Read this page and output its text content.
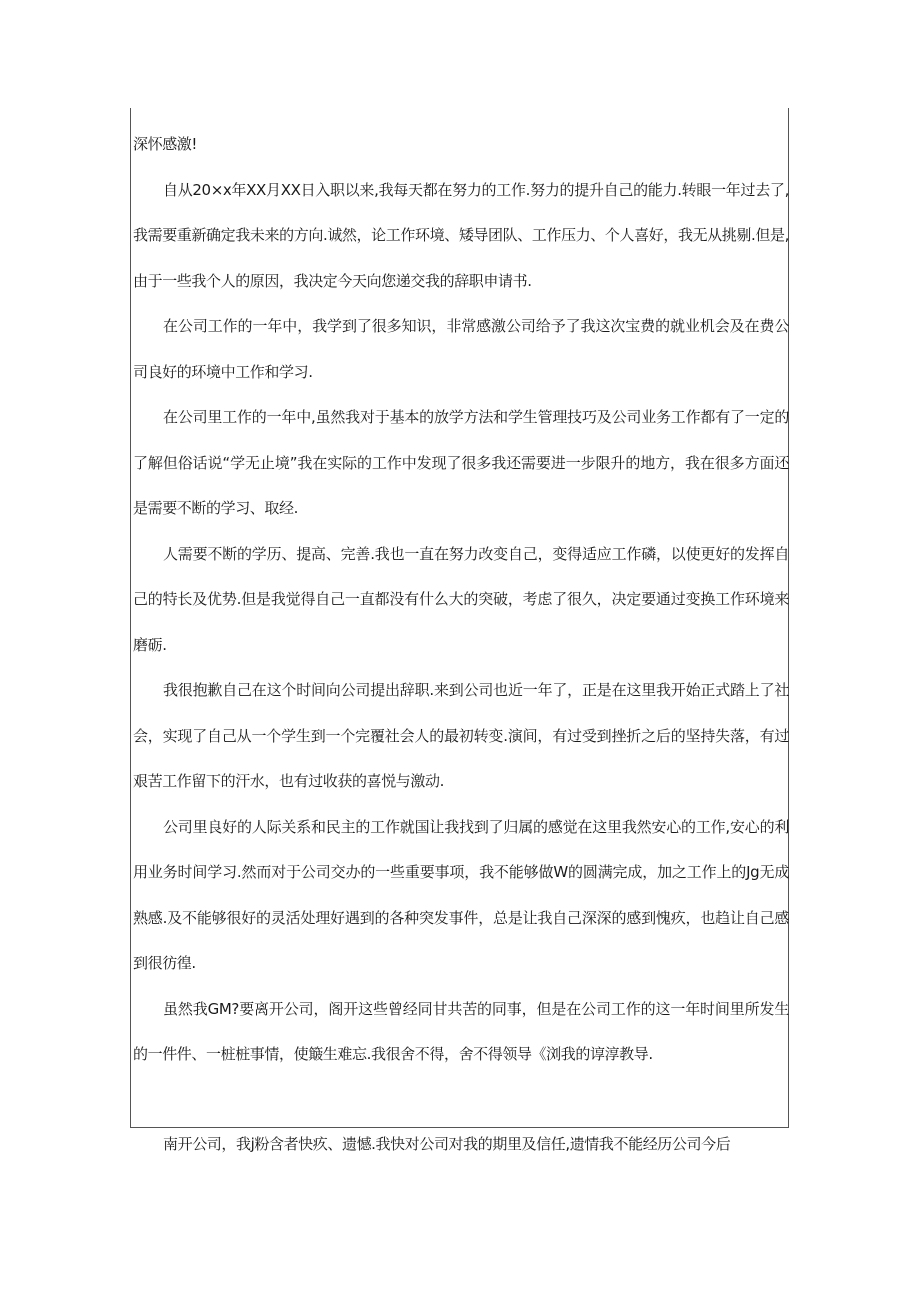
深怀感激!

自从20×x年XX月XX日入职以来,我每天都在努力的工作.努力的提升自己的能力.转眼一年过去了,我需要重新确定我未来的方向.诚然，论工作环境、矮导团队、工作压力、个人喜好，我无从挑剔.但是,由于一些我个人的原因，我决定今天向您递交我的辞职申请书.

在公司工作的一年中，我学到了很多知识，非常感激公司给予了我这次宝费的就业机会及在费公司良好的环境中工作和学习.

在公司里工作的一年中,虽然我对于基本的放学方法和学生管理技巧及公司业务工作都有了一定的了解但俗话说“学无止境”我在实际的工作中发现了很多我还需要进一步限升的地方，我在很多方面还是需要不断的学习、取经.

人需要不断的学历、提高、完善.我也一直在努力改变自己，变得适应工作磷，以使更好的发挥自己的特长及优势.但是我觉得自己一直都没有什么大的突破，考虑了很久，决定要通过变换工作环境来磨砺.

我很抱歉自己在这个时间向公司提出辞职.来到公司也近一年了，正是在这里我开始正式踏上了社会，实现了自己从一个学生到一个完覆社会人的最初转变.演间，有过受到挫折之后的坚持失落，有过艰苦工作留下的汗水，也有过收获的喜悦与激动.

公司里良好的人际关系和民主的工作就国让我找到了归属的感觉在这里我然安心的工作,安心的利用业务时间学习.然而对于公司交办的一些重要事项，我不能够做W的圆满完成，加之工作上的Jg无成熟感.及不能够很好的灵活处理好遇到的各种突发事件，总是让我自己深深的感到愧疚，也趋让自己感到很彷徨.

虽然我GM?要离开公司，阁开这些曾经同甘共苦的同事，但是在公司工作的这一年时间里所发生的一件件、一桩桩事情，使簸生难忘.我很舍不得，舍不得领导《浏我的谆淳教导.

南开公司，我j粉含者快疚、遗憾.我快对公司对我的期里及信任,遗情我不能经历公司今后
